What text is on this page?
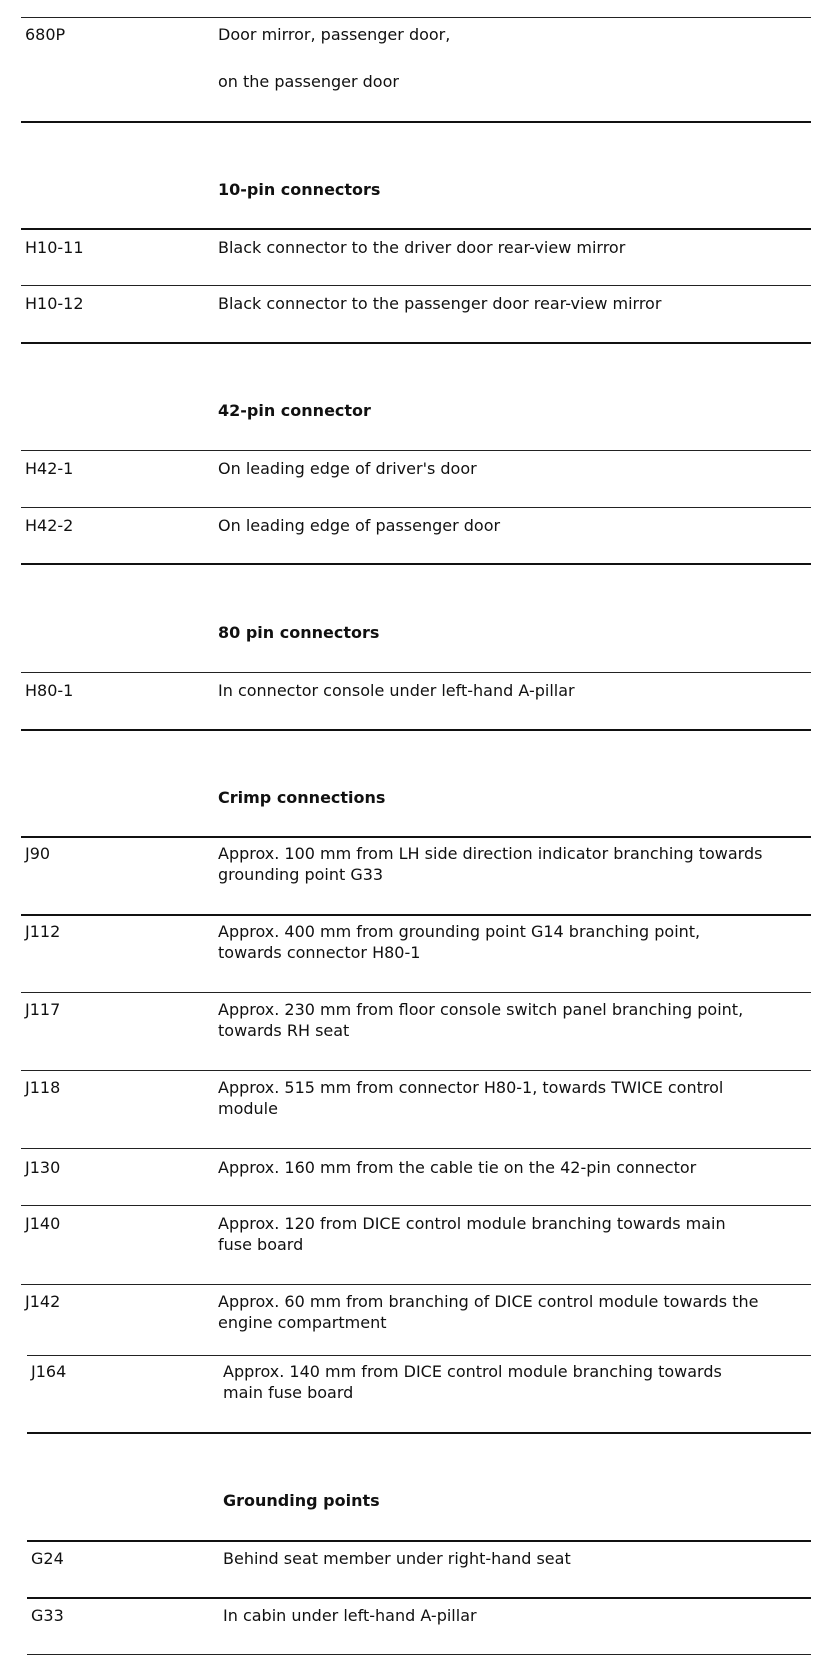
680P	Door mirror, passenger door,
on the passenger door
10-pin connectors
H10-11	Black connector to the driver door rear-view mirror
H10-12	Black connector to the passenger door rear-view mirror
42-pin connector
H42-1	On leading edge of driver's door
H42-2	On leading edge of passenger door
80 pin connectors
H80-1	In connector console under left-hand A-pillar
Crimp connections
J90	Approx. 100 mm from LH side direction indicator branching towards
grounding point G33
J112	Approx. 400 mm from grounding point G14 branching point,
towards connector H80-1
J117	Approx. 230 mm from floor console switch panel branching point,
towards RH seat
J118	Approx. 515 mm from connector H80-1, towards TWICE control
module
J130	Approx. 160 mm from the cable tie on the 42-pin connector
J140	Approx. 120 from DICE control module branching towards main
fuse board
J142	Approx. 60 mm from branching of DICE control module towards the
engine compartment
J164	Approx. 140 mm from DICE control module branching towards
main fuse board
Grounding points
G24	Behind seat member under right-hand seat
G33	In cabin under left-hand A-pillar
